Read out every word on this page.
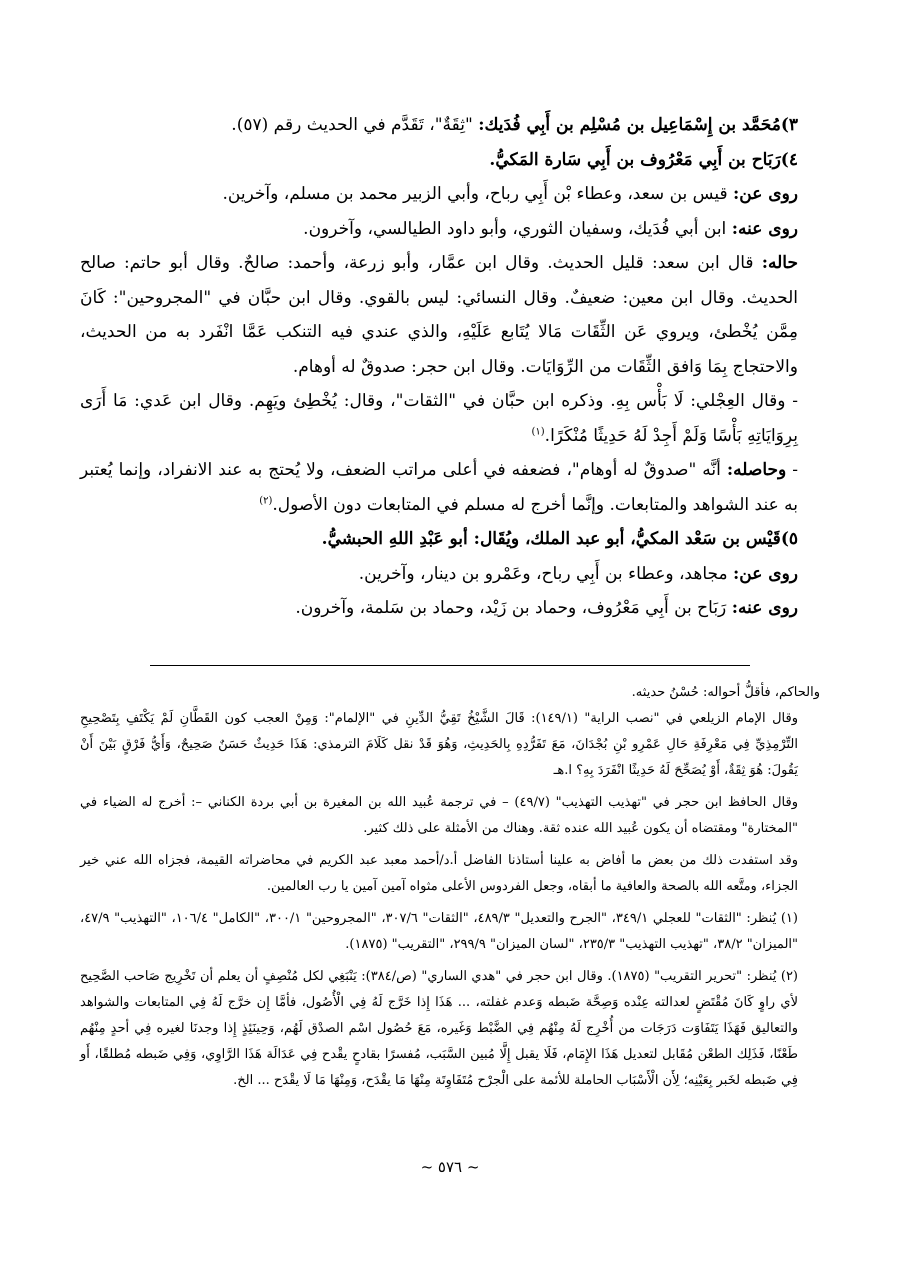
٣)مُحَمَّد بن إِسْمَاعِيل بن مُسْلِم بن أَبِي فُدَيك: "ثِقَةٌ"، تَقَدَّم في الحديث رقم (٥٧).

٤)رَبَاح بن أَبِي مَعْرُوف بن أَبِي سَارة المَكيُّ.

روى عن: قيس بن سعد، وعطاء بْن أَبِي رباح، وأبي الزبير محمد بن مسلم، وآخرين.

روى عنه: ابن أبي فُدَيك، وسفيان الثوري، وأبو داود الطيالسي، وآخرون.

حاله: قال ابن سعد: قليل الحديث. وقال ابن عمَّار، وأبو زرعة، وأحمد: صالحٌ. وقال أبو حاتم: صالح الحديث. وقال ابن معين: ضعيفٌ. وقال النسائي: ليس بالقوي. وقال ابن حبَّان في "المجروحين": كَانَ مِمَّن يُخْطئ، ويروي عَن الثِّقَات مَالا يُتَابع عَلَيْهِ، والذي عندي فيه التنكب عَمَّا انْفَرد به من الحديث، والاحتجاج بِمَا وَافق الثِّقَات من الرِّوَايَات. وقال ابن حجر: صدوقٌ له أوهام.

- وقال العِجْلي: لَا بَأْس بِهِ. وذكره ابن حبَّان في "الثقات"، وقال: يُخْطِئ ويَهِم. وقال ابن عَدي: مَا أَرَى بِرِوَايَاتِهِ بَأْسًا وَلَمْ أَجِدْ لَهُ حَدِيثًا مُنْكَرًا.$^{(١)}$

- وحاصله: أنَّه "صدوقٌ له أوهام"، فضعفه في أعلى مراتب الضعف، ولا يُحتج به عند الانفراد، وإنما يُعتبر به عند الشواهد والمتابعات. وإنَّما أخرج له مسلم في المتابعات دون الأصول.$^{(٢)}$

٥)قَيْس بن سَعْد المكيُّ، أبو عبد الملك، ويُقَال: أبو عَبْدِ اللهِ الحبشيُّ.

روى عن: مجاهد، وعطاء بن أَبِي رباح، وعَمْرو بن دينار، وآخرين.

روى عنه: رَبَاح بن أَبِي مَعْرُوف، وحماد بن زَيْد، وحماد بن سَلمة، وآخرون.

والحاكم، فأقلُّ أحواله: حُسْنُ حديثه.

وقال الإمام الزيلعي في "نصب الراية" (١٤٩/١): قَالَ الشَّيْخُ تَقِيُّ الدِّينِ في "الإلمام": وَمِنْ العجب كون القَطَّانِ لَمْ يَكْتَفِ بِتَصْحِيحِ التِّرْمِذِيِّ فِي مَعْرِفَةِ حَالِ عَمْرِو بْنِ بُجْدَانَ، مَعَ تَفَرُّدِهِ بِالحَدِيثِ، وَهُوَ قَدْ نقل كَلَامَ الترمذي: هَذَا حَدِيثٌ حَسَنٌ صَحِيحٌ، وَأَيُّ فَرْقٍ بَيْنَ أَنْ يَقُولَ: هُوَ ثِقَةٌ، أَوْ يُصَحِّحَ لَهُ حَدِيثًا انْفَرَدَ بِهِ؟ ا.هـ

وقال الحافظ ابن حجر في "تهذيب التهذيب" (٤٩/٧) – في ترجمة عُبيد الله بن المغيرة بن أبي بردة الكناني –: أخرج له الضياء في "المختارة" ومقتضاه أن يكون عُبيد الله عنده ثقة. وهناك من الأمثلة على ذلك كثير.

وقد استفدت ذلك من بعض ما أفاض به علينا أستاذنا الفاضل أ.د/أحمد معبد عبد الكريم في محاضراته القيمة، فجزاه الله عني خير الجزاء، ومتَّعه الله بالصحة والعافية ما أبقاه، وجعل الفردوس الأعلى مثواه آمين آمين يا رب العالمين.

(١) يُنظر: "الثقات" للعجلي ٣٤٩/١، "الجرح والتعديل" ٤٨٩/٣، "الثقات" ٣٠٧/٦، "المجروحين" ٣٠٠/١، "الكامل" ١٠٦/٤، "التهذيب" ٤٧/٩، "الميزان" ٣٨/٢، "تهذيب التهذيب" ٢٣٥/٣، "لسان الميزان" ٢٩٩/٩، "التقريب" (١٨٧٥).

(٢) يُنظر: "تحرير التقريب" (١٨٧٥). وقال ابن حجر في "هدي الساري" (ص/٣٨٤): يَنْبَغِي لكل مُنْصِفٍ أن يعلم أن تَخْرِيج صَاحب الصَّحِيح لأي راوٍ كَانَ مُقْتَضٍ لعدالته عِنْده وَصِحَّة ضَبطه وَعدم غفلته، ... هَذَا إِذا خَرَّج لَهُ فِي الْأُصُول، فأمَّا إِن خرَّج لَهُ فِي المتابعات والشواهد والتعاليق فَهَذَا يَتَفَاوَت دَرَجَات من أُخْرِج لَهُ مِنْهُم فِي الضَّبْط وَغَيره، مَعَ حُصُول اسْم الصدْق لَهُم، وَحِينَئِذٍ إِذا وجدنَا لغيره فِي أحدٍ مِنْهُم طَعْنًا، فَذَلِك الطعْن مُقَابل لتعديل هَذَا الإِمَام، فَلَا يقبل إِلَّا مُبين السَّبَب، مُفسرًا بقادحٍ يقْدح فِي عَدَالَة هَذَا الرَّاوِي، وَفِي ضَبطه مُطلقًا، أَو فِي ضَبطه لخَبر بِعَيْنِه؛ لِأَن الْأَسْبَاب الحاملة للأئمة على الْجرْح مُتَفَاوِتَة مِنْهَا مَا يقْدَح، وَمِنْهَا مَا لَا يقْدَح ... الخ.

~ ٥٧٦ ~
